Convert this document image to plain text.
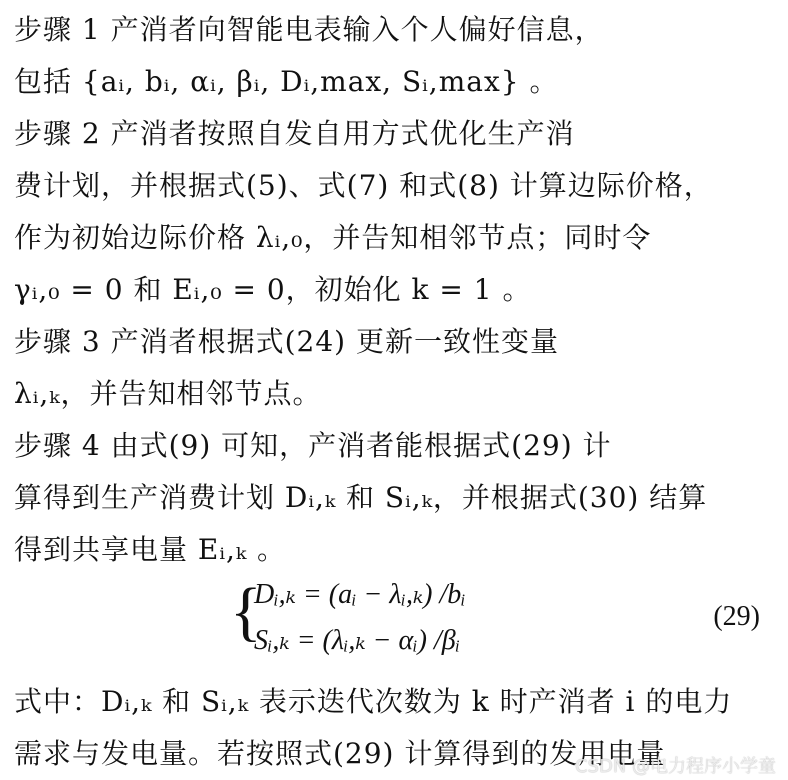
步骤 1 产消者向智能电表输入个人偏好信息，
包括 {aᵢ, bᵢ, αᵢ, βᵢ, Dᵢ,max, Sᵢ,max} 。
步骤 2 产消者按照自发自用方式优化生产消
费计划，并根据式(5)、式(7) 和式(8) 计算边际价格，
作为初始边际价格 λᵢ,₀，并告知相邻节点；同时令
γᵢ,₀ = 0 和 Eᵢ,₀ = 0，初始化 k = 1 。
步骤 3 产消者根据式(24) 更新一致性变量
λᵢ,ₖ，并告知相邻节点。
步骤 4 由式(9) 可知，产消者能根据式(29) 计
算得到生产消费计划 Dᵢ,ₖ 和 Sᵢ,ₖ，并根据式(30) 结算
得到共享电量 Eᵢ,ₖ 。
{
Dᵢ,ₖ = (aᵢ − λᵢ,ₖ) /bᵢ
Sᵢ,ₖ = (λᵢ,ₖ − αᵢ) /βᵢ
(29)
式中：Dᵢ,ₖ 和 Sᵢ,ₖ 表示迭代次数为 k 时产消者 i 的电力
需求与发电量。若按照式(29) 计算得到的发用电量
CSDN @电力程序小学童
